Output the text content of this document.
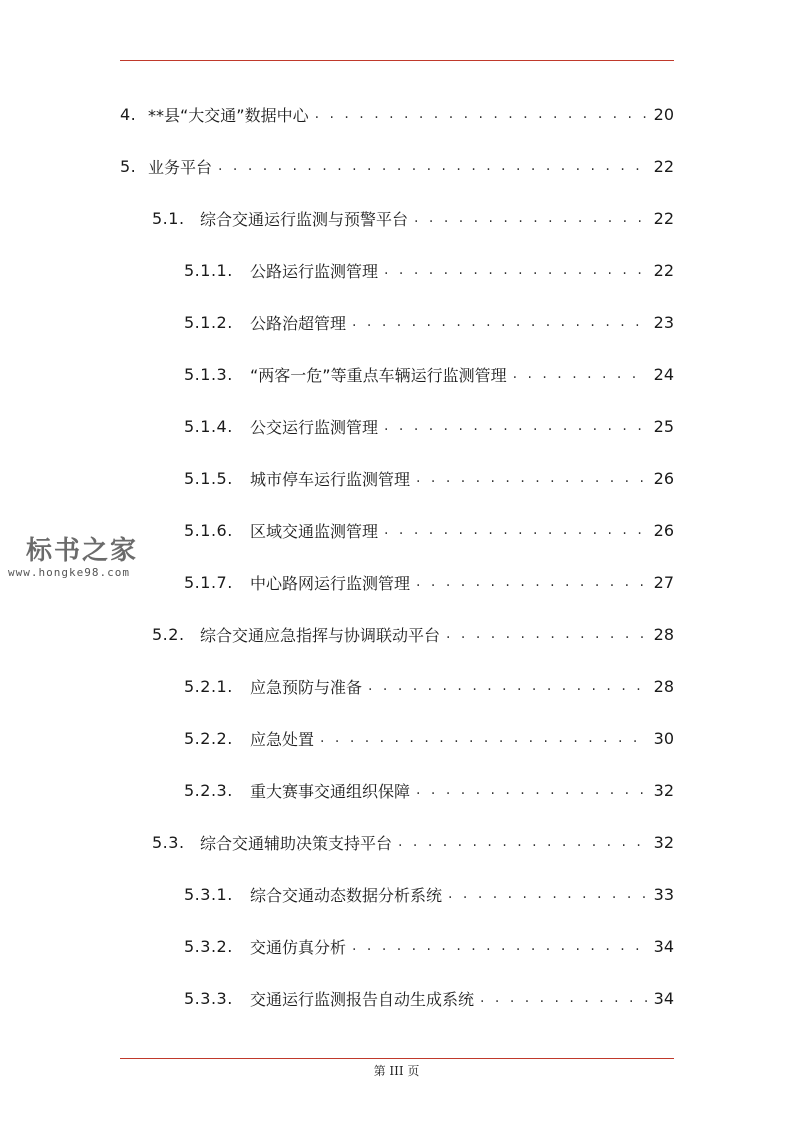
4. **县“大交通”数据中心 . . .	20
5. 业务平台 . . .	22
5.1. 综合交通运行监测与预警平台 . . .	22
5.1.1.	公路运行监测管理 . . .	22
5.1.2.	公路治超管理 . . .	23
5.1.3.	“两客一危”等重点车辆运行监测管理 . . .	24
5.1.4.	公交运行监测管理 . . .	25
5.1.5.	城市停车运行监测管理 . . .	26
5.1.6.	区域交通监测管理 . . .	26
5.1.7.	中心路网运行监测管理 . . .	27
5.2. 综合交通应急指挥与协调联动平台 . . .	28
5.2.1.	应急预防与准备 . . .	28
5.2.2.	应急处置 . . .	30
5.2.3.	重大赛事交通组织保障 . . .	32
5.3. 综合交通辅助决策支持平台 . . .	32
5.3.1.	综合交通动态数据分析系统 . . .	33
5.3.2.	交通仿真分析 . . .	34
5.3.3.	交通运行监测报告自动生成系统 . . .	34
标书之家
www.hongke98.com
第 III 页
